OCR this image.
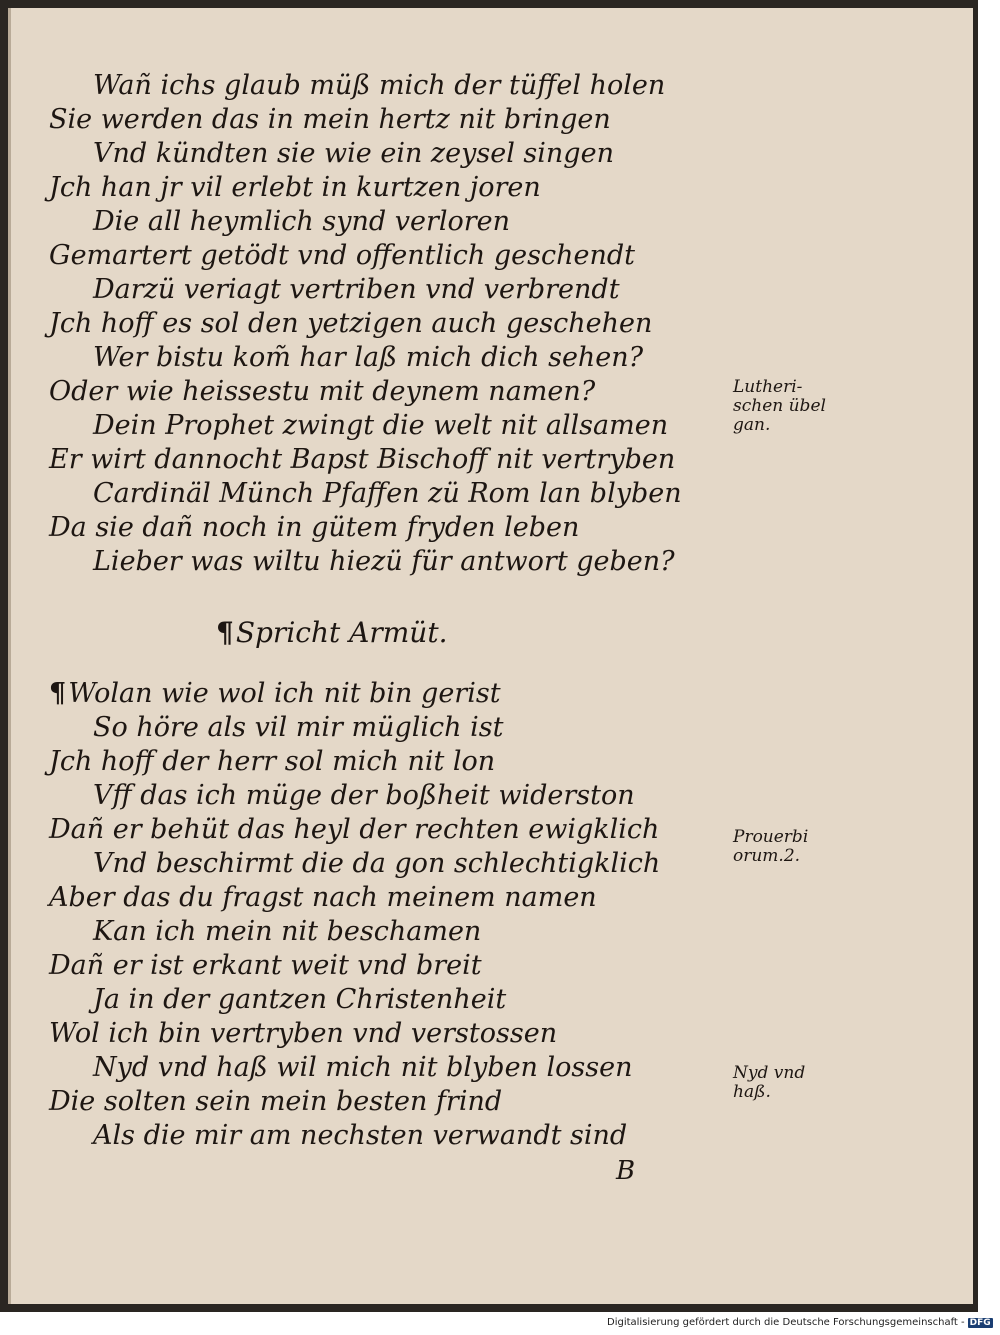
Wañ ichs glaub müß mich der tüffel holen
Sie werden das in mein hertz nit bringen
Vnd kündten sie wie ein zeysel singen
Jch han jr vil erlebt in kurtzen joren
Die all heymlich synd verloren
Gemartert getödt vnd offentlich geschendt
Darzü veriagt vertriben vnd verbrendt
Jch hoff es sol den yetzigen auch geschehen
Wer bistu kom̃ har laß mich dich sehen?
Oder wie heissestu mit deynem namen?
Dein Prophet zwingt die welt nit allsamen
Er wirt dannocht Bapst Bischoff nit vertryben
Cardinäl Münch Pfaffen zü Rom lan blyben
Da sie dañ noch in gütem fryden leben
Lieber was wiltu hiezü für antwort geben?
¶Spricht Armüt.
¶Wolan wie wol ich nit bin gerist
So höre als vil mir müglich ist
Jch hoff der herr sol mich nit lon
Vff das ich müge der boßheit widerston
Dañ er behüt das heyl der rechten ewigklich
Vnd beschirmt die da gon schlechtigklich
Aber das du fragst nach meinem namen
Kan ich mein nit beschamen
Dañ er ist erkant weit vnd breit
Ja in der gantzen Christenheit
Wol ich bin vertryben vnd verstossen
Nyd vnd haß wil mich nit blyben lossen
Die solten sein mein besten frind
Als die mir am nechsten verwandt sind
Lutheri-
schen übel
gan.
Prouerbi
orum.2.
Nyd vnd
haß.
B
Digitalisierung gefördert durch die Deutsche Forschungsgemeinschaft - DFG
